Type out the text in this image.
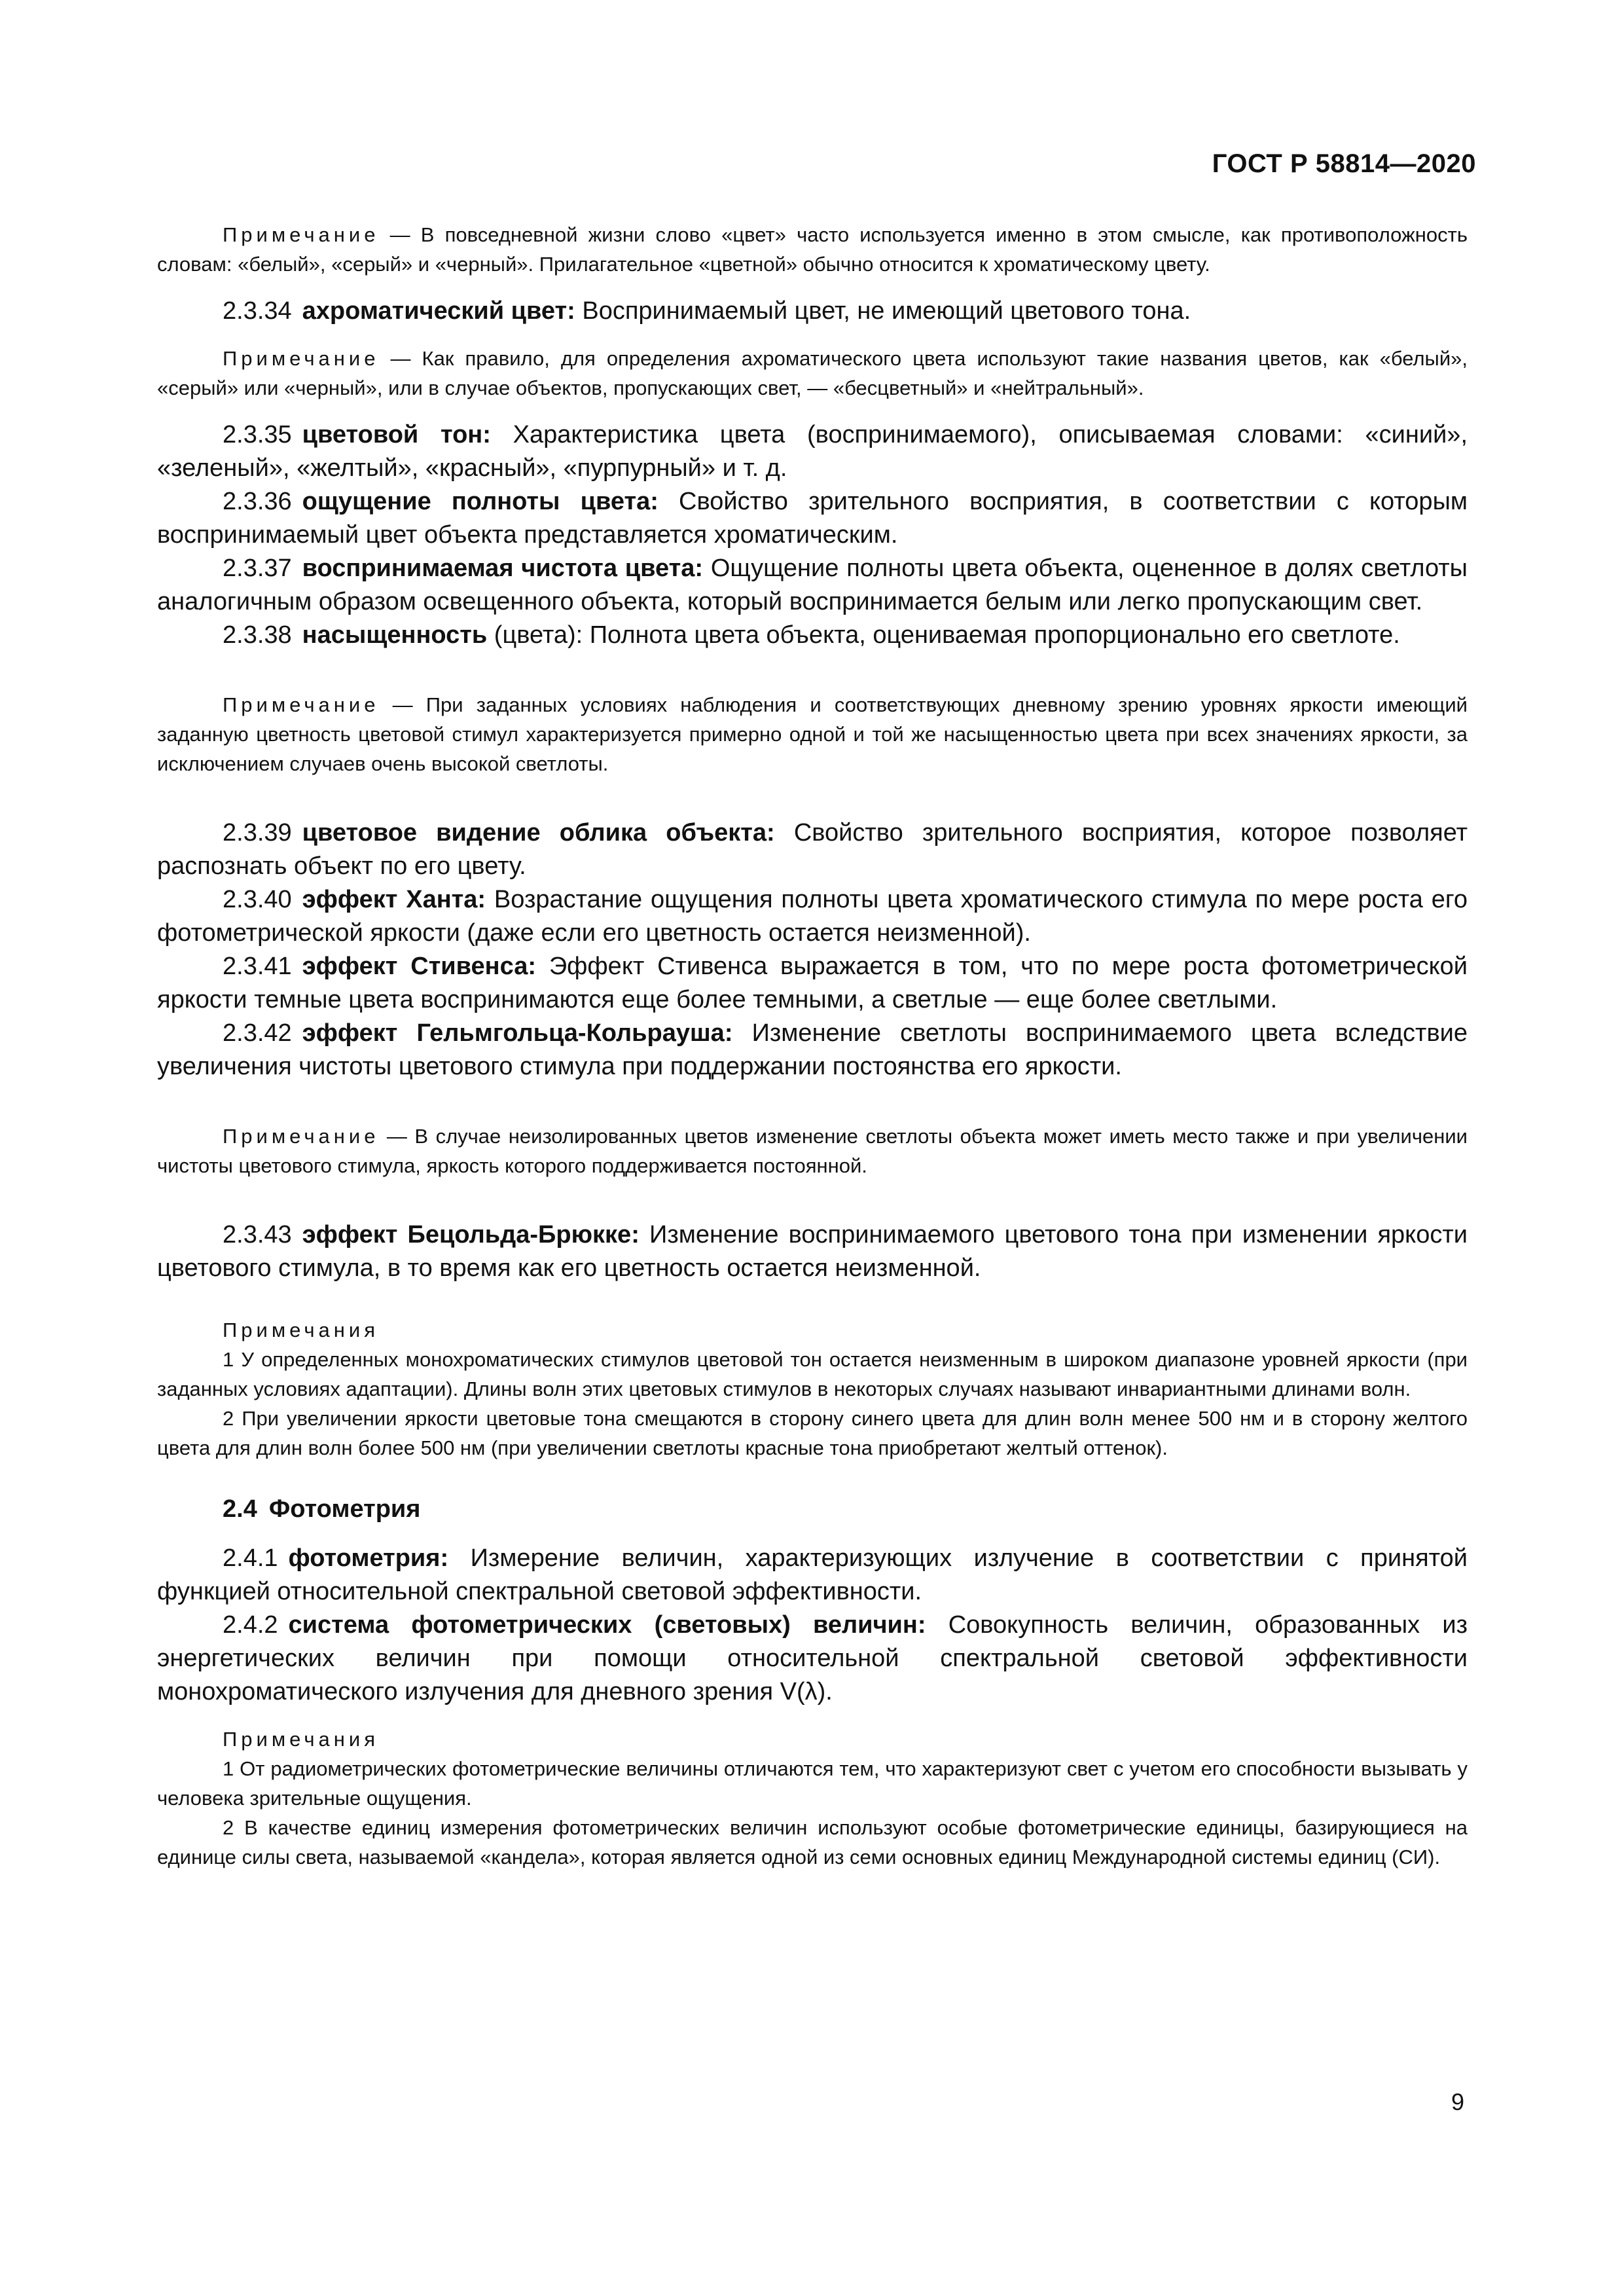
ГОСТ Р 58814—2020

Примечание — В повседневной жизни слово «цвет» часто используется именно в этом смысле, как противоположность словам: «белый», «серый» и «черный». Прилагательное «цветной» обычно относится к хроматическому цвету.

2.3.34 ахроматический цвет: Воспринимаемый цвет, не имеющий цветового тона.

Примечание — Как правило, для определения ахроматического цвета используют такие названия цветов, как «белый», «серый» или «черный», или в случае объектов, пропускающих свет, — «бесцветный» и «нейтральный».

2.3.35 цветовой тон: Характеристика цвета (воспринимаемого), описываемая словами: «синий», «зеленый», «желтый», «красный», «пурпурный» и т. д.

2.3.36 ощущение полноты цвета: Свойство зрительного восприятия, в соответствии с которым воспринимаемый цвет объекта представляется хроматическим.

2.3.37 воспринимаемая чистота цвета: Ощущение полноты цвета объекта, оцененное в долях светлоты аналогичным образом освещенного объекта, который воспринимается белым или легко пропускающим свет.

2.3.38 насыщенность (цвета): Полнота цвета объекта, оцениваемая пропорционально его светлоте.

Примечание — При заданных условиях наблюдения и соответствующих дневному зрению уровнях яркости имеющий заданную цветность цветовой стимул характеризуется примерно одной и той же насыщенностью цвета при всех значениях яркости, за исключением случаев очень высокой светлоты.

2.3.39 цветовое видение облика объекта: Свойство зрительного восприятия, которое позволяет распознать объект по его цвету.

2.3.40 эффект Ханта: Возрастание ощущения полноты цвета хроматического стимула по мере роста его фотометрической яркости (даже если его цветность остается неизменной).

2.3.41 эффект Стивенса: Эффект Стивенса выражается в том, что по мере роста фотометрической яркости темные цвета воспринимаются еще более темными, а светлые — еще более светлыми.

2.3.42 эффект Гельмгольца-Кольрауша: Изменение светлоты воспринимаемого цвета вследствие увеличения чистоты цветового стимула при поддержании постоянства его яркости.

Примечание — В случае неизолированных цветов изменение светлоты объекта может иметь место также и при увеличении чистоты цветового стимула, яркость которого поддерживается постоянной.

2.3.43 эффект Бецольда-Брюкке: Изменение воспринимаемого цветового тона при изменении яркости цветового стимула, в то время как его цветность остается неизменной.

Примечания

1 У определенных монохроматических стимулов цветовой тон остается неизменным в широком диапазоне уровней яркости (при заданных условиях адаптации). Длины волн этих цветовых стимулов в некоторых случаях называют инвариантными длинами волн.

2 При увеличении яркости цветовые тона смещаются в сторону синего цвета для длин волн менее 500 нм и в сторону желтого цвета для длин волн более 500 нм (при увеличении светлоты красные тона приобретают желтый оттенок).

2.4 Фотометрия

2.4.1 фотометрия: Измерение величин, характеризующих излучение в соответствии с принятой функцией относительной спектральной световой эффективности.

2.4.2 система фотометрических (световых) величин: Совокупность величин, образованных из энергетических величин при помощи относительной спектральной световой эффективности монохроматического излучения для дневного зрения V(λ).

Примечания

1 От радиометрических фотометрические величины отличаются тем, что характеризуют свет с учетом его способности вызывать у человека зрительные ощущения.

2 В качестве единиц измерения фотометрических величин используют особые фотометрические единицы, базирующиеся на единице силы света, называемой «кандела», которая является одной из семи основных единиц Международной системы единиц (СИ).

9
